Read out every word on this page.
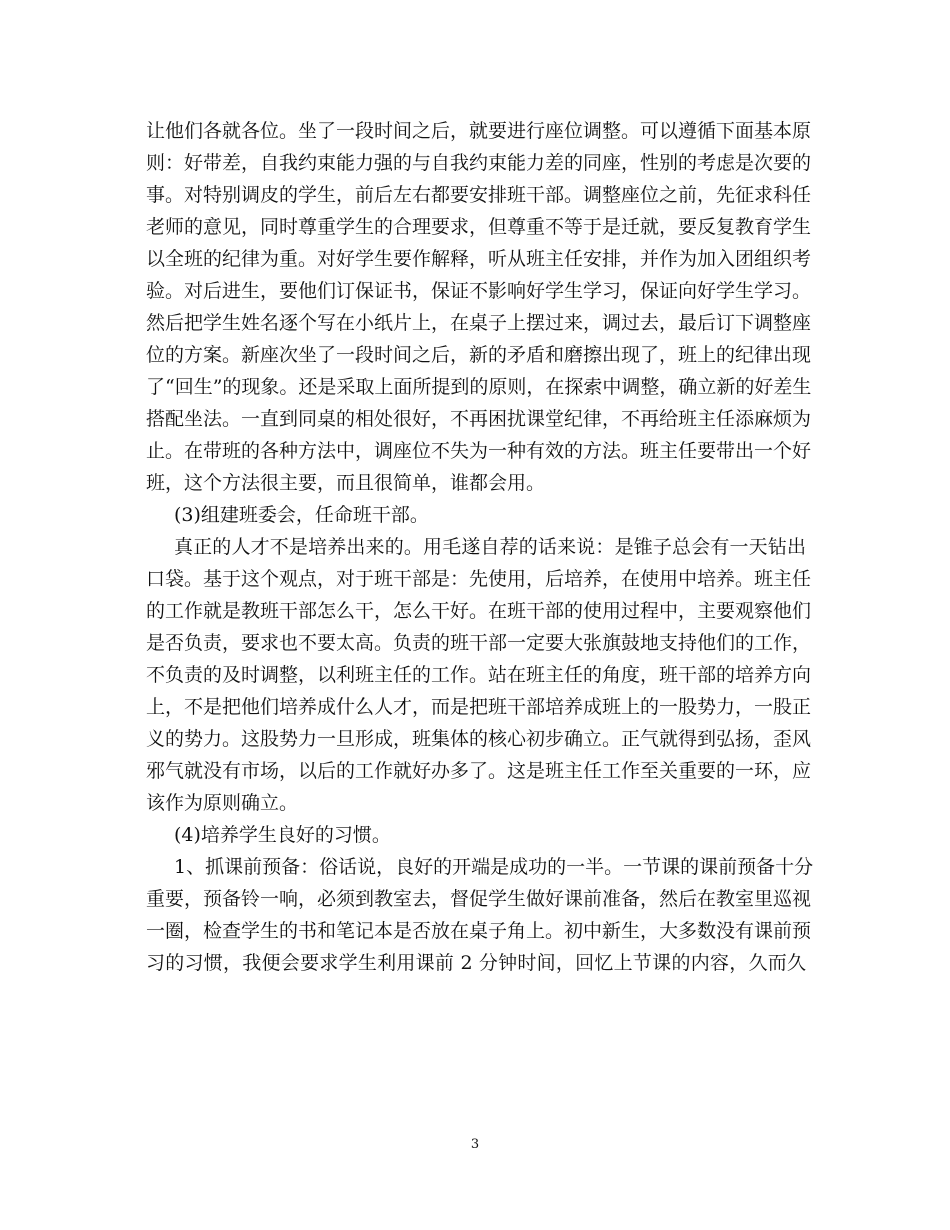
让他们各就各位。坐了一段时间之后，就要进行座位调整。可以遵循下面基本原
则：好带差，自我约束能力强的与自我约束能力差的同座，性别的考虑是次要的
事。对特别调皮的学生，前后左右都要安排班干部。调整座位之前，先征求科任
老师的意见，同时尊重学生的合理要求，但尊重不等于是迁就，要反复教育学生
以全班的纪律为重。对好学生要作解释，听从班主任安排，并作为加入团组织考
验。对后进生，要他们订保证书，保证不影响好学生学习，保证向好学生学习。
然后把学生姓名逐个写在小纸片上，在桌子上摆过来，调过去，最后订下调整座
位的方案。新座次坐了一段时间之后，新的矛盾和磨擦出现了，班上的纪律出现
了“回生”的现象。还是采取上面所提到的原则，在探索中调整，确立新的好差生
搭配坐法。一直到同桌的相处很好，不再困扰课堂纪律，不再给班主任添麻烦为
止。在带班的各种方法中，调座位不失为一种有效的方法。班主任要带出一个好
班，这个方法很主要，而且很简单，谁都会用。
(3)组建班委会，任命班干部。
真正的人才不是培养出来的。用毛遂自荐的话来说：是锥子总会有一天钻出
口袋。基于这个观点，对于班干部是：先使用，后培养，在使用中培养。班主任
的工作就是教班干部怎么干，怎么干好。在班干部的使用过程中，主要观察他们
是否负责，要求也不要太高。负责的班干部一定要大张旗鼓地支持他们的工作，
不负责的及时调整，以利班主任的工作。站在班主任的角度，班干部的培养方向
上，不是把他们培养成什么人才，而是把班干部培养成班上的一股势力，一股正
义的势力。这股势力一旦形成，班集体的核心初步确立。正气就得到弘扬，歪风
邪气就没有市场，以后的工作就好办多了。这是班主任工作至关重要的一环，应
该作为原则确立。
(4)培养学生良好的习惯。
1、抓课前预备：俗话说，良好的开端是成功的一半。一节课的课前预备十分
重要，预备铃一响，必须到教室去，督促学生做好课前准备，然后在教室里巡视
一圈，检查学生的书和笔记本是否放在桌子角上。初中新生，大多数没有课前预
习的习惯，我便会要求学生利用课前 2 分钟时间，回忆上节课的内容，久而久
3
